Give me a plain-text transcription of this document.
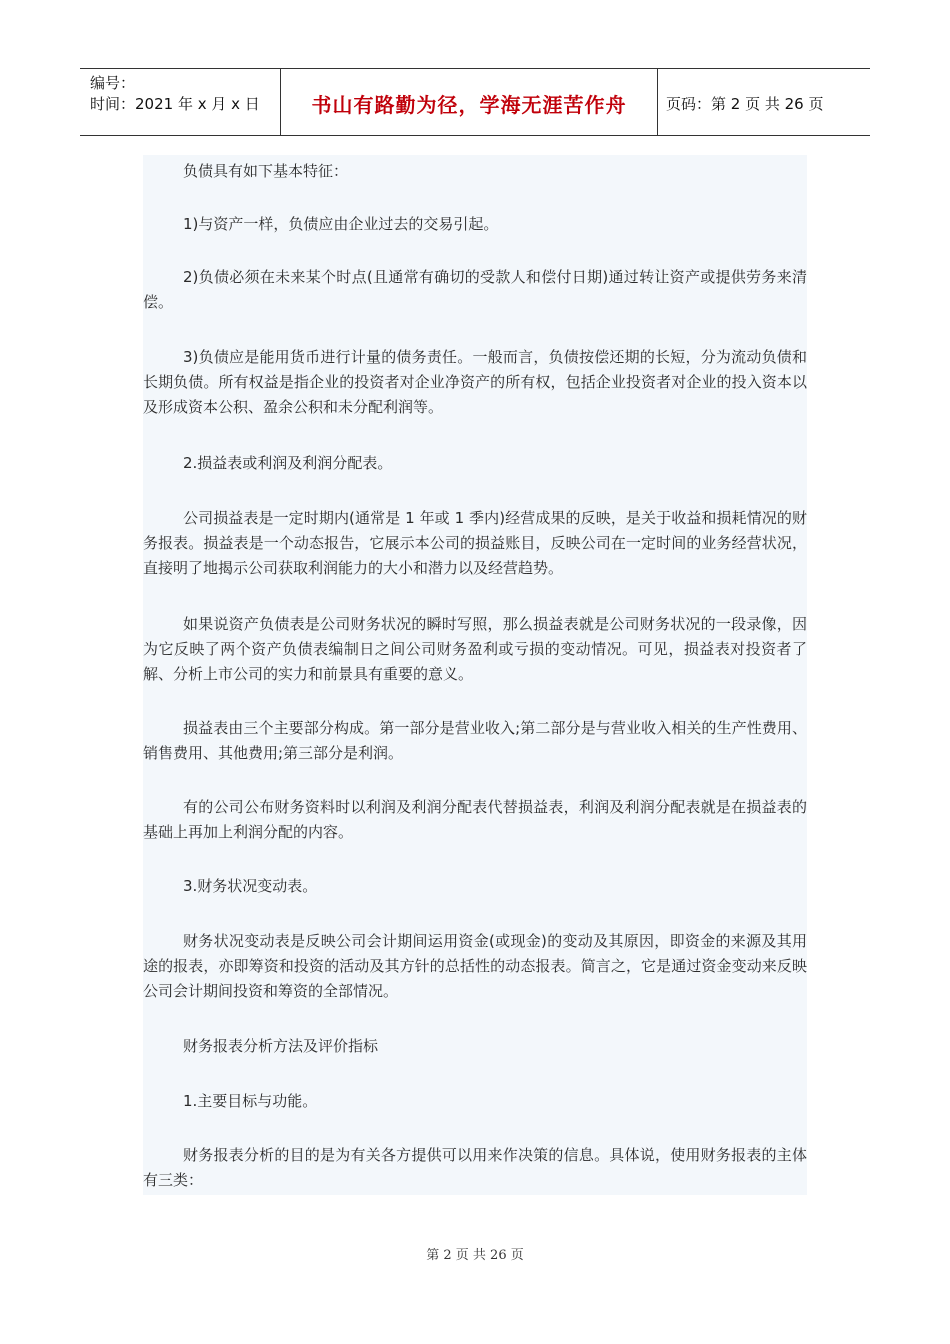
编号：
时间：2021 年 x 月 x 日	书山有路勤为径，学海无涯苦作舟	页码：第 2 页 共 26 页

负债具有如下基本特征：

1)与资产一样，负债应由企业过去的交易引起。

2)负债必须在未来某个时点(且通常有确切的受款人和偿付日期)通过转让资产或提供劳务来清偿。

3)负债应是能用货币进行计量的债务责任。一般而言，负债按偿还期的长短，分为流动负债和长期负债。所有权益是指企业的投资者对企业净资产的所有权，包括企业投资者对企业的投入资本以及形成资本公积、盈余公积和未分配利润等。

2.损益表或利润及利润分配表。

公司损益表是一定时期内(通常是 1 年或 1 季内)经营成果的反映，是关于收益和损耗情况的财务报表。损益表是一个动态报告，它展示本公司的损益账目，反映公司在一定时间的业务经营状况，直接明了地揭示公司获取利润能力的大小和潜力以及经营趋势。

如果说资产负债表是公司财务状况的瞬时写照，那么损益表就是公司财务状况的一段录像，因为它反映了两个资产负债表编制日之间公司财务盈利或亏损的变动情况。可见，损益表对投资者了解、分析上市公司的实力和前景具有重要的意义。

损益表由三个主要部分构成。第一部分是营业收入;第二部分是与营业收入相关的生产性费用、销售费用、其他费用;第三部分是利润。

有的公司公布财务资料时以利润及利润分配表代替损益表，利润及利润分配表就是在损益表的基础上再加上利润分配的内容。

3.财务状况变动表。

财务状况变动表是反映公司会计期间运用资金(或现金)的变动及其原因，即资金的来源及其用途的报表，亦即筹资和投资的活动及其方针的总括性的动态报表。简言之，它是通过资金变动来反映公司会计期间投资和筹资的全部情况。

财务报表分析方法及评价指标

1.主要目标与功能。

财务报表分析的目的是为有关各方提供可以用来作决策的信息。具体说，使用财务报表的主体有三类：

第 2 页 共 26 页
